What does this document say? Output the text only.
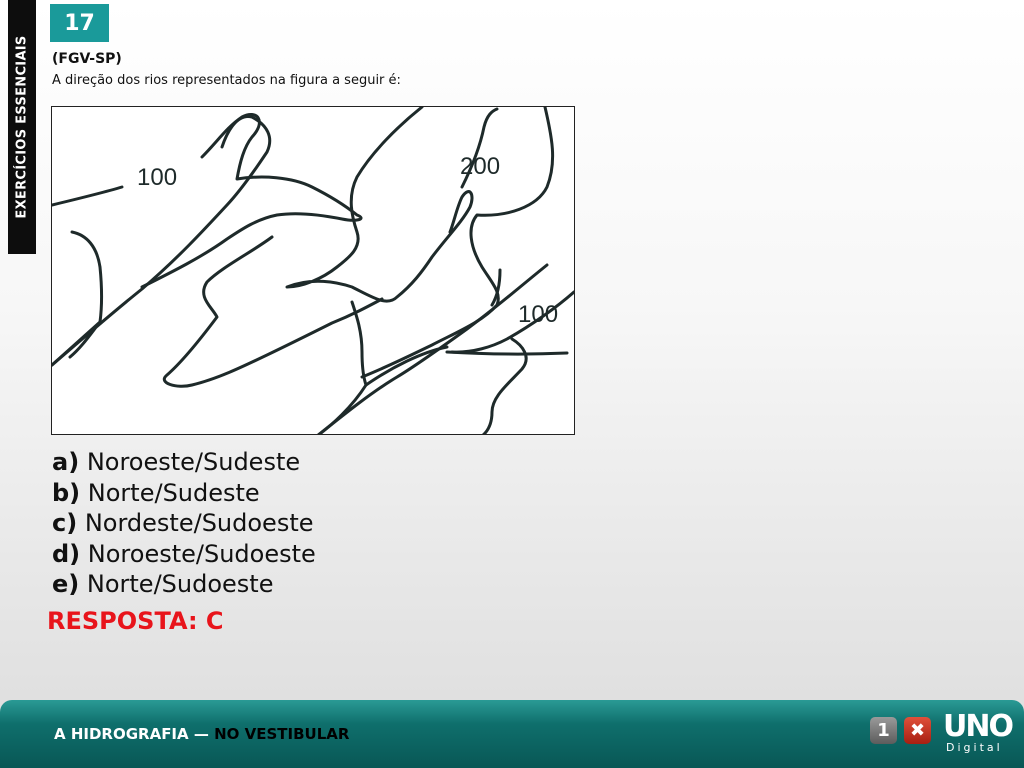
EXERCÍCIOS ESSENCIAIS
17
(FGV-SP)
A direção dos rios representados na figura a seguir é:
100	200
100
a) Noroeste/Sudeste
b) Norte/Sudeste
c) Nordeste/Sudoeste
d) Noroeste/Sudoeste
e) Norte/Sudoeste
RESPOSTA: C
A HIDROGRAFIA — NO VESTIBULAR	1	✖ UNO
Digital
